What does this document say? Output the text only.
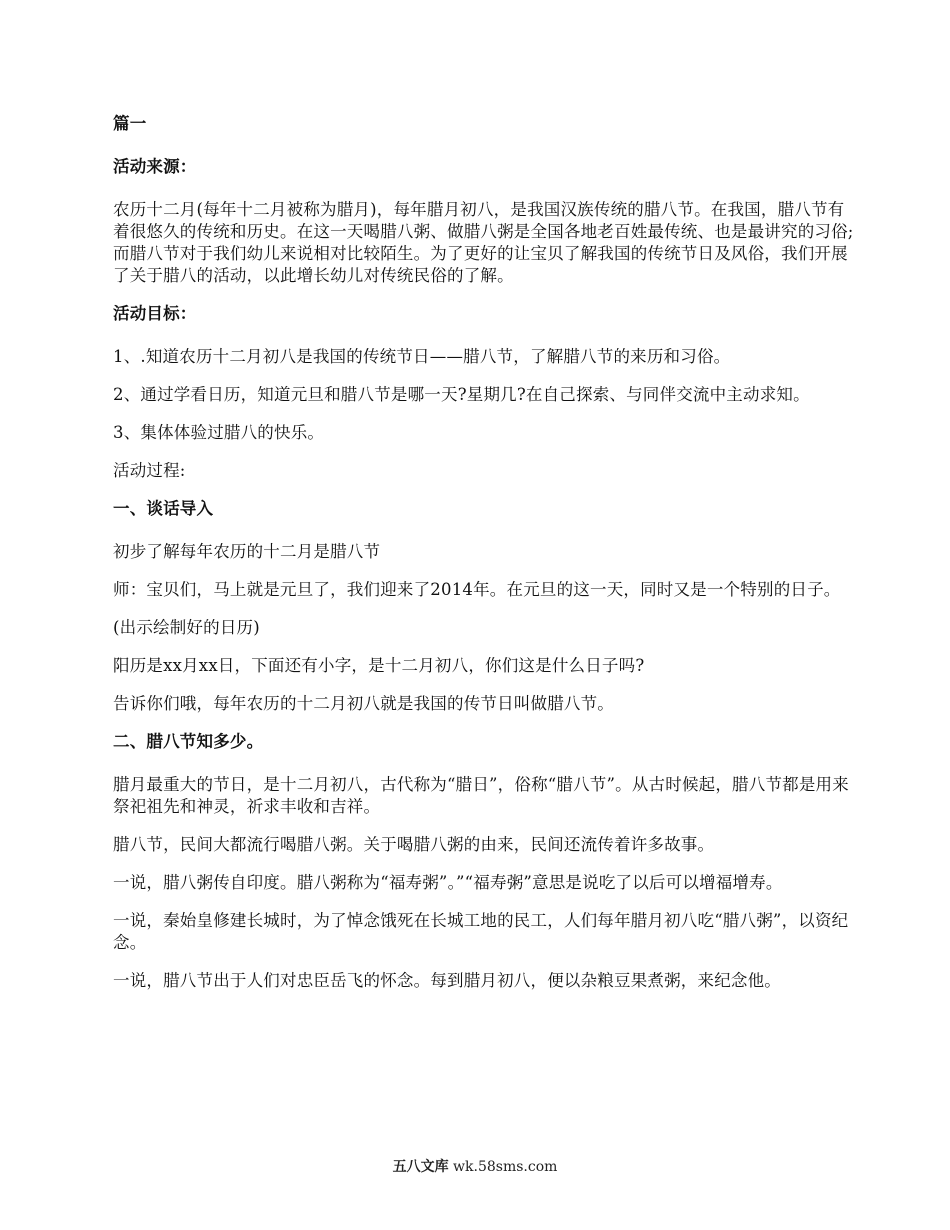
篇一

活动来源：

农历十二月(每年十二月被称为腊月)，每年腊月初八，是我国汉族传统的腊八节。在我国，腊八节有着很悠久的传统和历史。在这一天喝腊八粥、做腊八粥是全国各地老百姓最传统、也是最讲究的习俗;而腊八节对于我们幼儿来说相对比较陌生。为了更好的让宝贝了解我国的传统节日及风俗，我们开展了关于腊八的活动，以此增长幼儿对传统民俗的了解。

活动目标：

1、.知道农历十二月初八是我国的传统节日——腊八节，了解腊八节的来历和习俗。

2、通过学看日历，知道元旦和腊八节是哪一天?星期几?在自己探索、与同伴交流中主动求知。

3、集体体验过腊八的快乐。

活动过程:

一、谈话导入

初步了解每年农历的十二月是腊八节

师：宝贝们，马上就是元旦了，我们迎来了2014年。在元旦的这一天，同时又是一个特别的日子。

(出示绘制好的日历)

阳历是xx月xx日，下面还有小字，是十二月初八，你们这是什么日子吗?

告诉你们哦，每年农历的十二月初八就是我国的传节日叫做腊八节。

二、腊八节知多少。

腊月最重大的节日，是十二月初八，古代称为“腊日”，俗称“腊八节”。从古时候起，腊八节都是用来祭祀祖先和神灵，祈求丰收和吉祥。

腊八节，民间大都流行喝腊八粥。关于喝腊八粥的由来，民间还流传着许多故事。

一说，腊八粥传自印度。腊八粥称为“福寿粥”。”“福寿粥”意思是说吃了以后可以增福增寿。

一说，秦始皇修建长城时，为了悼念饿死在长城工地的民工，人们每年腊月初八吃“腊八粥”，以资纪念。

一说，腊八节出于人们对忠臣岳飞的怀念。每到腊月初八，便以杂粮豆果煮粥，来纪念他。

五八文库 wk.58sms.com
